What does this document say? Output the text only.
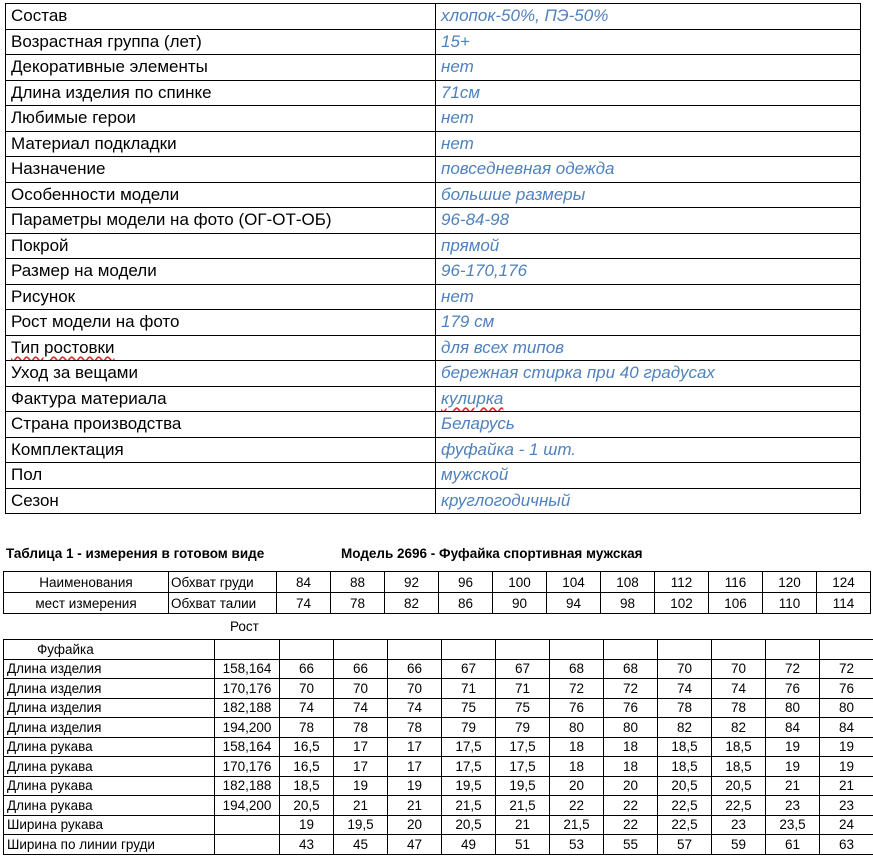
Состав	хлопок-50%, ПЭ-50%
Возрастная группа (лет)	15+
Декоративные элементы	нет
Длина изделия по спинке	71см
Любимые герои	нет
Материал подкладки	нет
Назначение	повседневная одежда
Особенности модели	большие размеры
Параметры модели на фото (ОГ-ОТ-ОБ)	96-84-98
Покрой	прямой
Размер на модели	96-170,176
Рисунок	нет
Рост модели на фото	179 см
Тип ростовки	для всех типов
Уход за вещами	бережная стирка при 40 градусах
Фактура материала	кулирка
Страна производства	Беларусь
Комплектация	фуфайка - 1 шт.
Пол	мужской
Сезон	круглогодичный
Таблица 1 - измерения в готовом виде	Модель 2696 - Фуфайка спортивная мужская
Наименования	Обхват груди	84	88	92	96	100	104	108	112	116	120	124
мест измерения	Обхват талии	74	78	82	86	90	94	98	102	106	110	114
Рост
Фуфайка												
Длина изделия	158,164	66	66	66	67	67	68	68	70	70	72	72
Длина изделия	170,176	70	70	70	71	71	72	72	74	74	76	76
Длина изделия	182,188	74	74	74	75	75	76	76	78	78	80	80
Длина изделия	194,200	78	78	78	79	79	80	80	82	82	84	84
Длина рукава	158,164	16,5	17	17	17,5	17,5	18	18	18,5	18,5	19	19
Длина рукава	170,176	16,5	17	17	17,5	17,5	18	18	18,5	18,5	19	19
Длина рукава	182,188	18,5	19	19	19,5	19,5	20	20	20,5	20,5	21	21
Длина рукава	194,200	20,5	21	21	21,5	21,5	22	22	22,5	22,5	23	23
Ширина рукава		19	19,5	20	20,5	21	21,5	22	22,5	23	23,5	24
Ширина по линии груди		43	45	47	49	51	53	55	57	59	61	63
